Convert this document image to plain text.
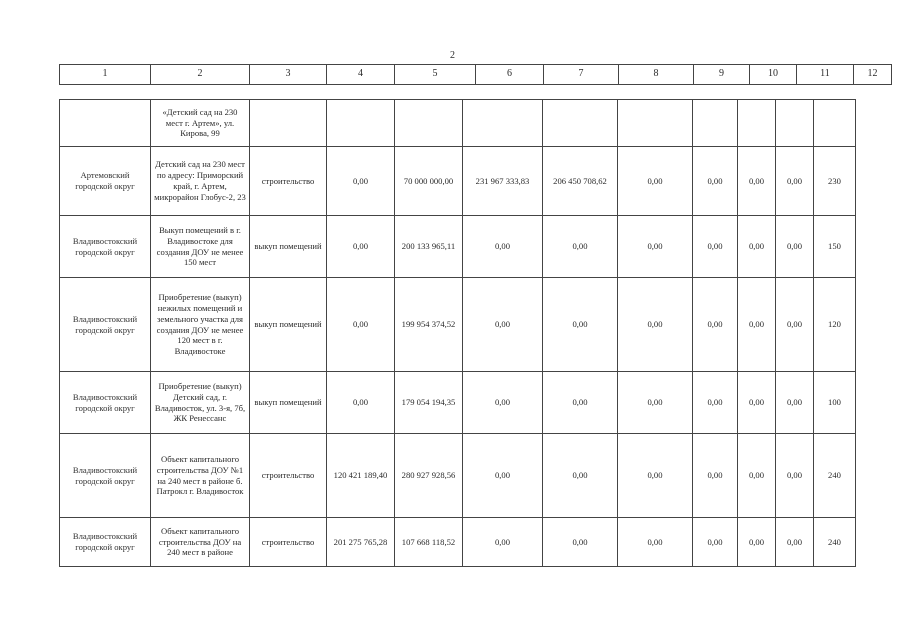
2
1	2	3	4	5	6	7	8	9	10	11	12
	«Детский сад на 230 мест г. Артем», ул. Кирова, 99										
Артемовский городской округ	Детский сад на 230 мест по адресу: Приморский край, г. Артем, микрорайон Глобус-2, 23	строительство	0,00	70 000 000,00	231 967 333,83	206 450 708,62	0,00	0,00	0,00	0,00	230
Владивостокский городской округ	Выкуп помещений в г. Владивостоке для создания ДОУ не менее 150 мест	выкуп помещений	0,00	200 133 965,11	0,00	0,00	0,00	0,00	0,00	0,00	150
Владивостокский городской округ	Приобретение (выкуп) нежилых помещений и земельного участка для создания ДОУ не менее 120 мест в г. Владивостоке	выкуп помещений	0,00	199 954 374,52	0,00	0,00	0,00	0,00	0,00	0,00	120
Владивостокский городской округ	Приобретение (выкуп) Детский сад, г. Владивосток, ул. 3-я, 7б, ЖК Ренессанс	выкуп помещений	0,00	179 054 194,35	0,00	0,00	0,00	0,00	0,00	0,00	100
Владивостокский городской округ	Объект капитального строительства ДОУ №1 на 240 мест в районе б. Патрокл г. Владивосток	строительство	120 421 189,40	280 927 928,56	0,00	0,00	0,00	0,00	0,00	0,00	240
Владивостокский городской округ	Объект капитального строительства ДОУ на 240 мест в районе	строительство	201 275 765,28	107 668 118,52	0,00	0,00	0,00	0,00	0,00	0,00	240
